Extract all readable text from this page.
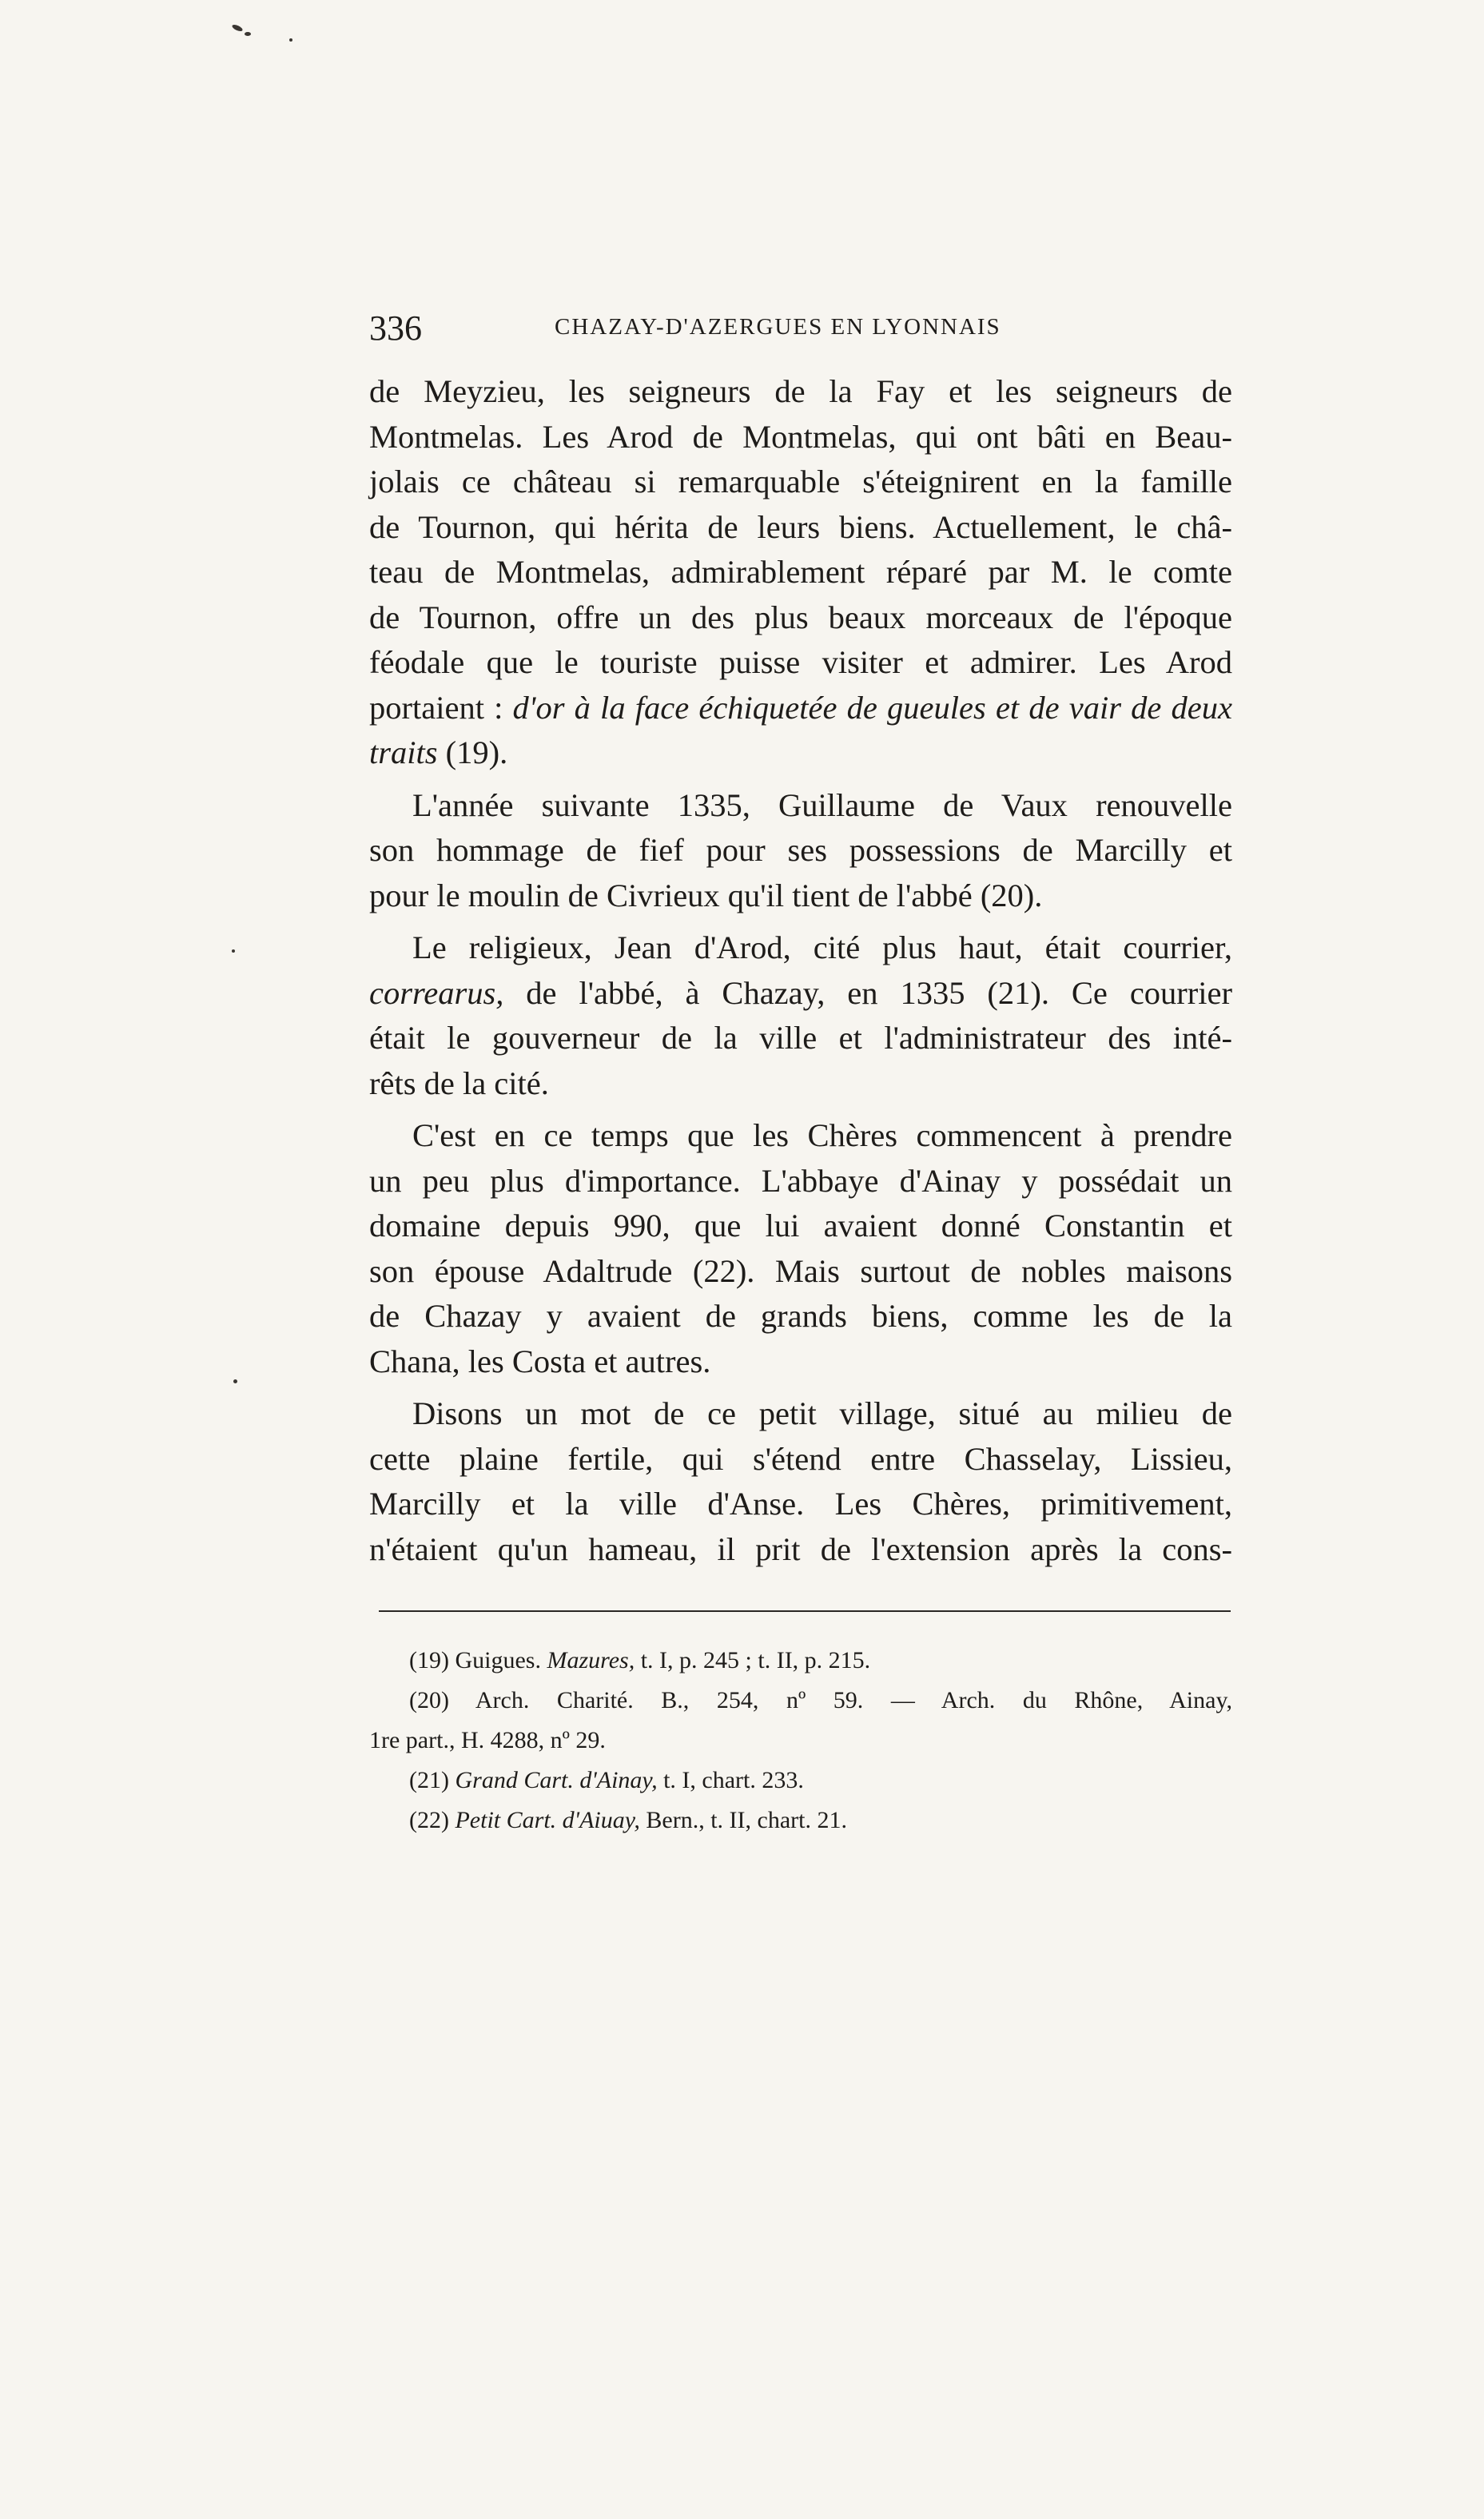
336	CHAZAY-D'AZERGUES EN LYONNAIS
de Meyzieu, les seigneurs de la Fay et les seigneurs de
Montmelas. Les Arod de Montmelas, qui ont bâti en Beau-
jolais ce château si remarquable s'éteignirent en la famille
de Tournon, qui hérita de leurs biens. Actuellement, le châ-
teau de Montmelas, admirablement réparé par M. le comte
de Tournon, offre un des plus beaux morceaux de l'époque
féodale que le touriste puisse visiter et admirer. Les Arod
portaient : d'or à la face échiquetée de gueules et de vair de deux
traits (19).
L'année suivante 1335, Guillaume de Vaux renouvelle
son hommage de fief pour ses possessions de Marcilly et
pour le moulin de Civrieux qu'il tient de l'abbé (20).
Le religieux, Jean d'Arod, cité plus haut, était courrier,
correarus, de l'abbé, à Chazay, en 1335 (21). Ce courrier
était le gouverneur de la ville et l'administrateur des inté-
rêts de la cité.
C'est en ce temps que les Chères commencent à prendre
un peu plus d'importance. L'abbaye d'Ainay y possédait un
domaine depuis 990, que lui avaient donné Constantin et
son épouse Adaltrude (22). Mais surtout de nobles maisons
de Chazay y avaient de grands biens, comme les de la
Chana, les Costa et autres.
Disons un mot de ce petit village, situé au milieu de
cette plaine fertile, qui s'étend entre Chasselay, Lissieu,
Marcilly et la ville d'Anse. Les Chères, primitivement,
n'étaient qu'un hameau, il prit de l'extension après la cons-
(19) Guigues. Mazures, t. I, p. 245 ; t. II, p. 215.
(20) Arch. Charité. B., 254, nº 59. — Arch. du Rhône, Ainay,
1re part., H. 4288, nº 29.
(21) Grand Cart. d'Ainay, t. I, chart. 233.
(22) Petit Cart. d'Aiuay, Bern., t. II, chart. 21.
